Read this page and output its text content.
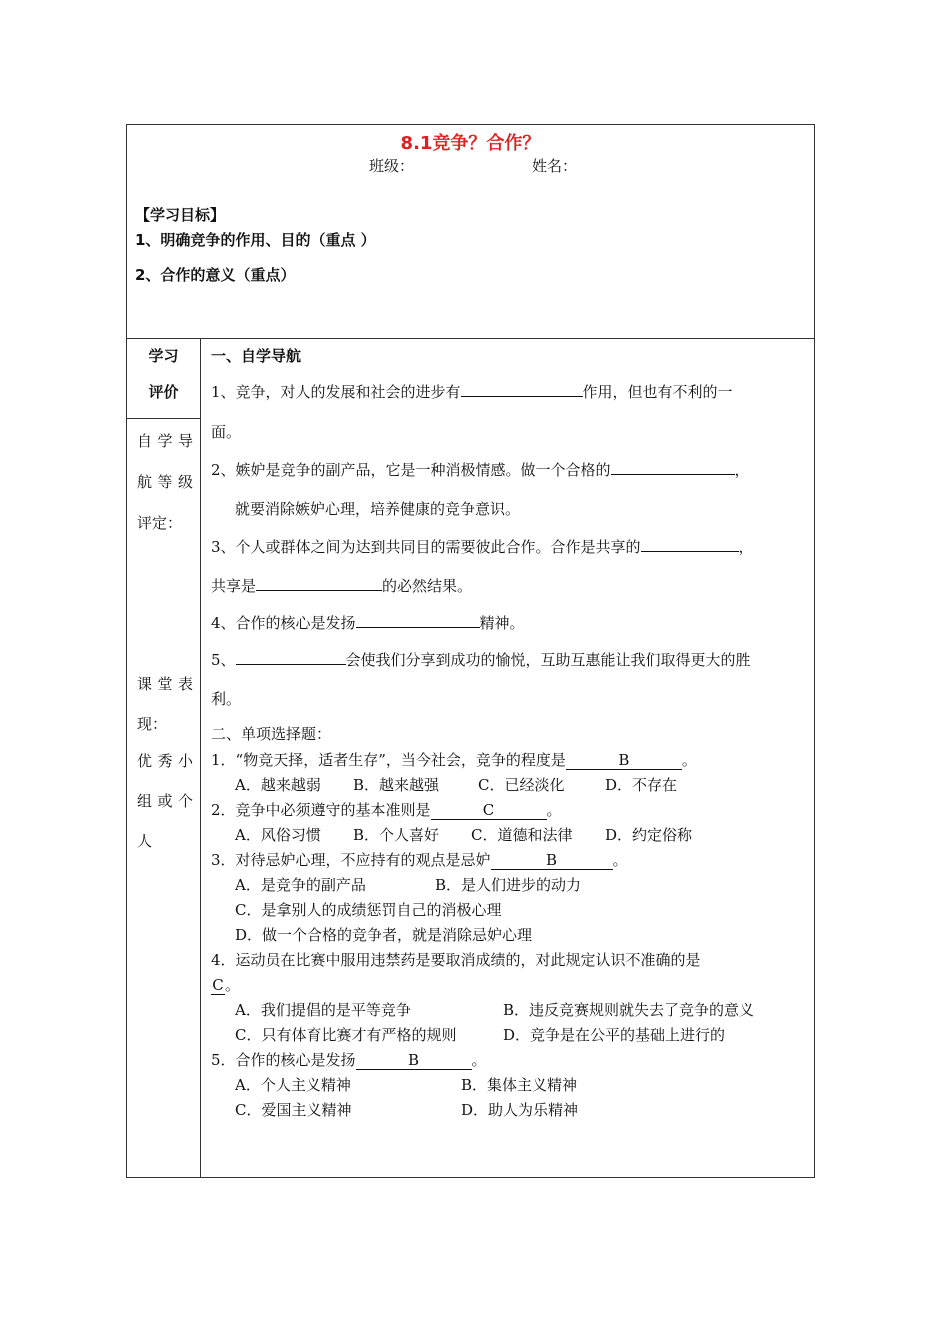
8.1竞争？合作？
班级：	姓名：
【学习目标】
1、明确竞争的作用、目的（重点 ）
2、合作的意义（重点）
学习
评价
自学导
航等级
评定：
课堂表
现：
优秀小
组或个
人
一、自学导航
1、竞争，对人的发展和社会的进步有	作用，但也有不利的一
面。
2、嫉妒是竞争的副产品，它是一种消极情感。做一个合格的	，
就要消除嫉妒心理，培养健康的竞争意识。
3、个人或群体之间为达到共同目的需要彼此合作。合作是共享的	，
共享是	的必然结果。
4、合作的核心是发扬	精神。
5、	会使我们分享到成功的愉悦，互助互惠能让我们取得更大的胜
利。
二、单项选择题：
1．“物竞天择，适者生存”，当今社会，竞争的程度是	B	。
A．越来越弱 B．越来越强	C．已经淡化	D．不存在
2．竞争中必须遵守的基本准则是	C	。
A．风俗习惯 B．个人喜好 C．道德和法律 D．约定俗称
3．对待忌妒心理，不应持有的观点是忌妒	B	。
A．是竞争的副产品	B．是人们进步的动力
C．是拿别人的成绩惩罚自己的消极心理
D．做一个合格的竞争者，就是消除忌妒心理
4．运动员在比赛中服用违禁药是要取消成绩的，对此规定认识不准确的是
C。
A．我们提倡的是平等竞争	B．违反竞赛规则就失去了竞争的意义
C．只有体育比赛才有严格的规则	D．竞争是在公平的基础上进行的
5．合作的核心是发扬	B	。
A．个人主义精神	B．集体主义精神
C．爱国主义精神	D．助人为乐精神
